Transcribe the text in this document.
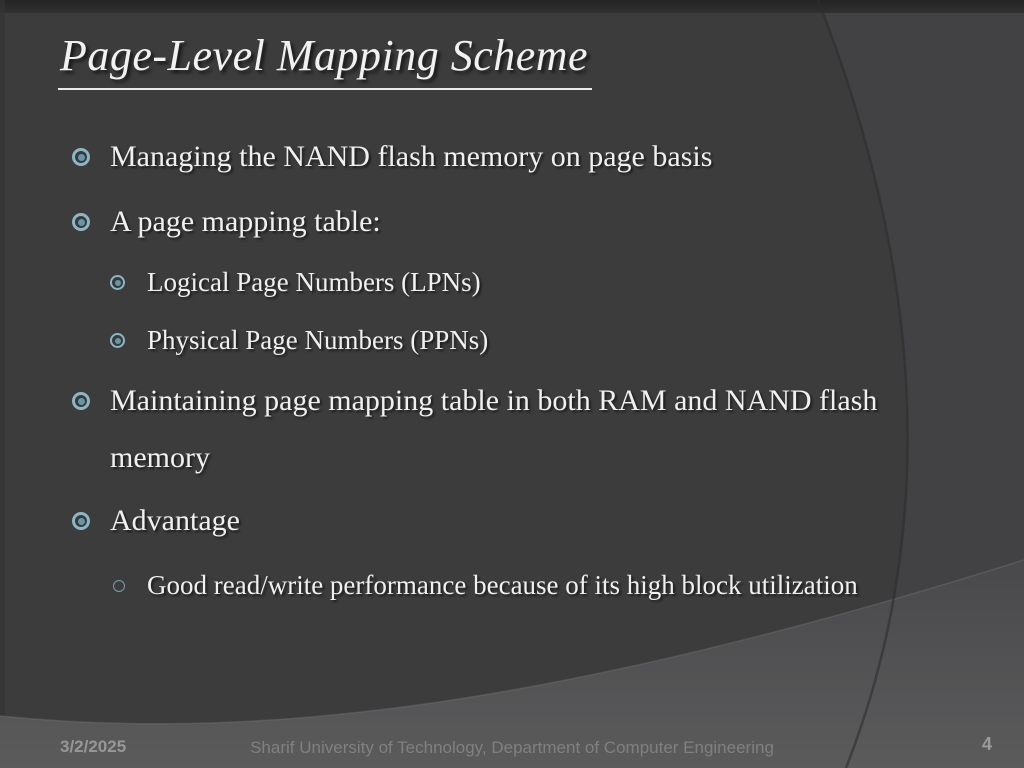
Page-Level Mapping Scheme
Managing the NAND flash memory on page basis
A page mapping table:
Logical Page Numbers (LPNs)
Physical Page Numbers (PPNs)
Maintaining page mapping table in both RAM and NAND flash memory
Advantage
Good read/write performance because of its high block utilization
3/2/2025	Sharif University of Technology, Department of Computer Engineering	4
